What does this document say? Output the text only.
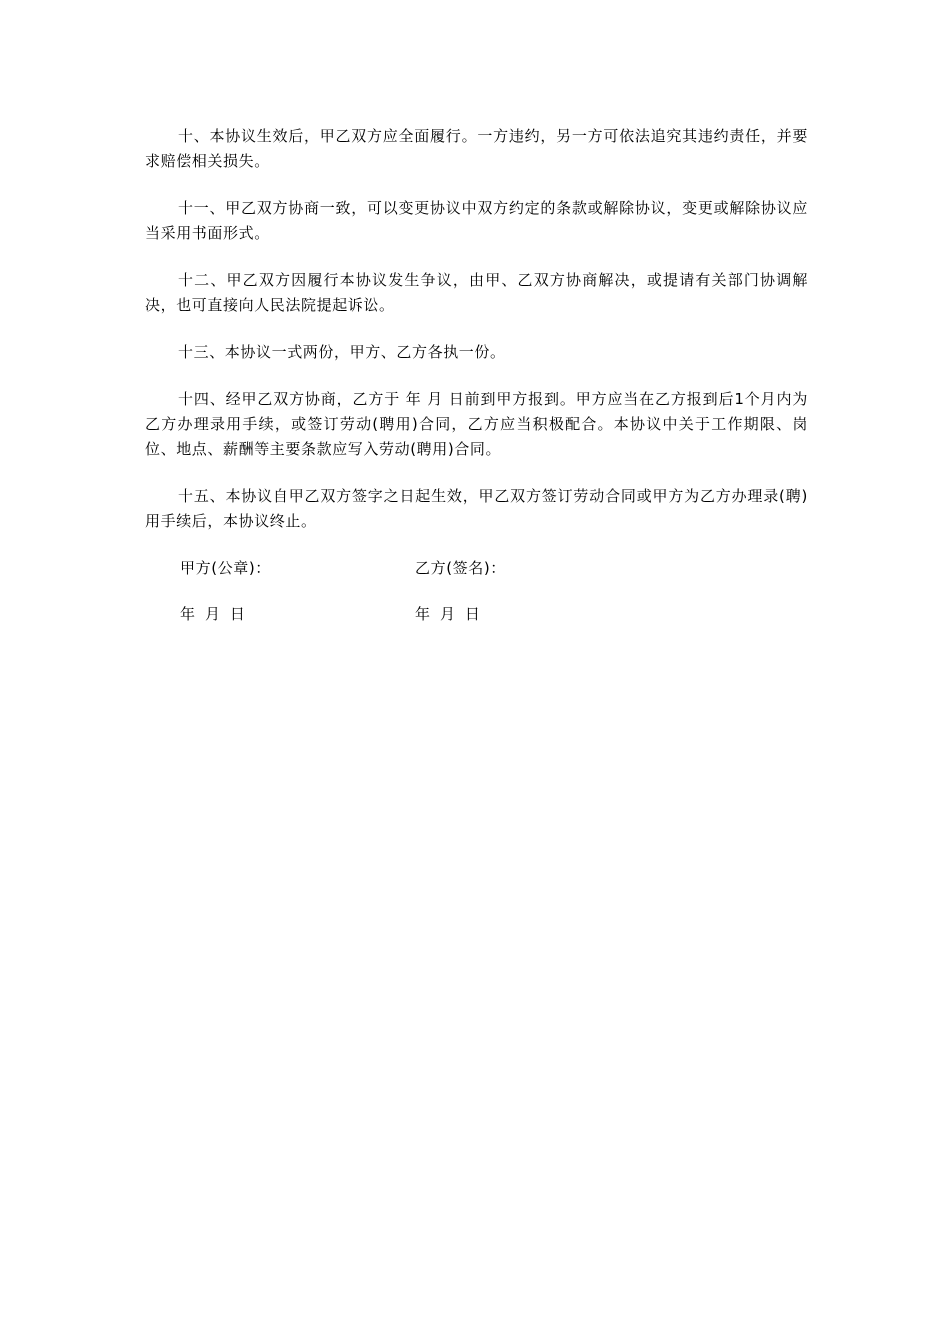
十、本协议生效后，甲乙双方应全面履行。一方违约，另一方可依法追究其违约责任，并要求赔偿相关损失。

十一、甲乙双方协商一致，可以变更协议中双方约定的条款或解除协议，变更或解除协议应当采用书面形式。

十二、甲乙双方因履行本协议发生争议，由甲、乙双方协商解决，或提请有关部门协调解决，也可直接向人民法院提起诉讼。

十三、本协议一式两份，甲方、乙方各执一份。

十四、经甲乙双方协商，乙方于 年 月 日前到甲方报到。甲方应当在乙方报到后1个月内为乙方办理录用手续，或签订劳动(聘用)合同，乙方应当积极配合。本协议中关于工作期限、岗位、地点、薪酬等主要条款应写入劳动(聘用)合同。

十五、本协议自甲乙双方签字之日起生效，甲乙双方签订劳动合同或甲方为乙方办理录(聘)用手续后，本协议终止。

甲方(公章)：	乙方(签名)：
年 月 日	年 月 日
